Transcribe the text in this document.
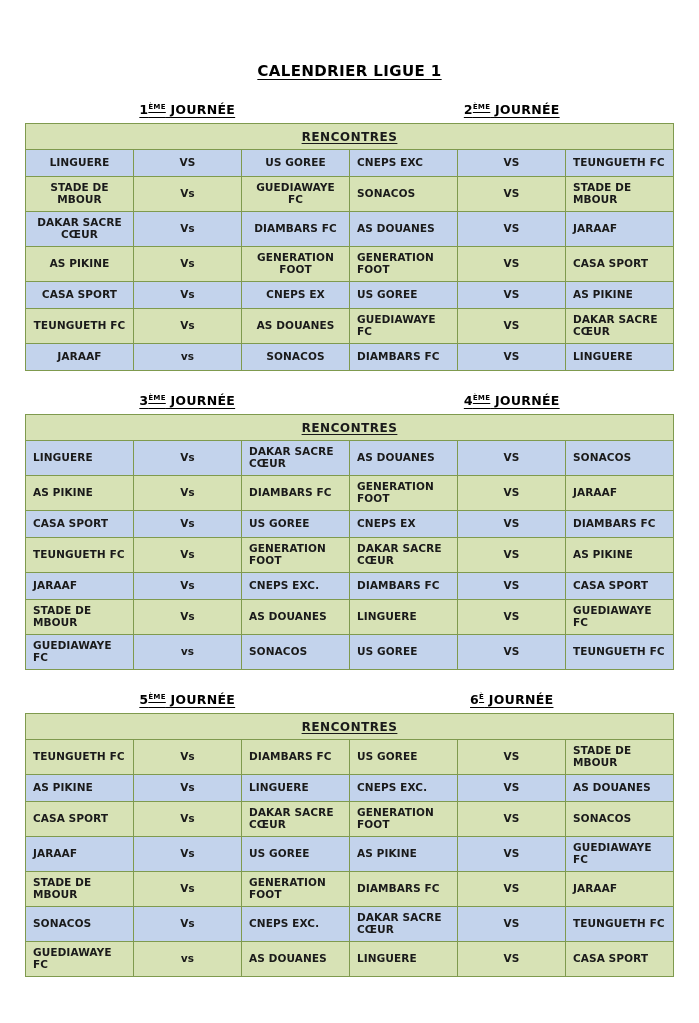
CALENDRIER LIGUE 1
1ÈME JOURNÉE	2ÈME JOURNÉE
RENCONTRES					
LINGUERE	VS	US GOREE	CNEPS EXC	VS	TEUNGUETH FC
STADE DE MBOUR	Vs	GUEDIAWAYE FC	SONACOS	VS	STADE DE MBOUR
DAKAR SACRE CŒUR	Vs	DIAMBARS FC	AS DOUANES	VS	JARAAF
AS PIKINE	Vs	GENERATION FOOT	GENERATION FOOT	VS	CASA SPORT
CASA SPORT	Vs	CNEPS EX	US GOREE	VS	AS PIKINE
TEUNGUETH FC	Vs	AS DOUANES	GUEDIAWAYE FC	VS	DAKAR SACRE CŒUR
JARAAF	vs	SONACOS	DIAMBARS FC	VS	LINGUERE
3ÈME JOURNÉE	4ÈME JOURNÉE
RENCONTRES					
LINGUERE	Vs	DAKAR SACRE CŒUR	AS DOUANES	VS	SONACOS
AS PIKINE	Vs	DIAMBARS FC	GENERATION FOOT	VS	JARAAF
CASA SPORT	Vs	US GOREE	CNEPS EX	VS	DIAMBARS FC
TEUNGUETH FC	Vs	GENERATION FOOT	DAKAR SACRE CŒUR	VS	AS PIKINE
JARAAF	Vs	CNEPS EXC.	DIAMBARS FC	VS	CASA SPORT
STADE DE MBOUR	Vs	AS DOUANES	LINGUERE	VS	GUEDIAWAYE FC
GUEDIAWAYE FC	vs	SONACOS	US GOREE	VS	TEUNGUETH FC
5ÈME JOURNÉE	$6^È$ JOURNÉE
RENCONTRES					
TEUNGUETH FC	Vs	DIAMBARS FC	US GOREE	VS	STADE DE MBOUR
AS PIKINE	Vs	LINGUERE	CNEPS EXC.	VS	AS DOUANES
CASA SPORT	Vs	DAKAR SACRE CŒUR	GENERATION FOOT	VS	SONACOS
JARAAF	Vs	US GOREE	AS PIKINE	VS	GUEDIAWAYE FC
STADE DE MBOUR	Vs	GENERATION FOOT	DIAMBARS FC	VS	JARAAF
SONACOS	Vs	CNEPS EXC.	DAKAR SACRE CŒUR	VS	TEUNGUETH FC
GUEDIAWAYE FC	vs	AS DOUANES	LINGUERE	VS	CASA SPORT
